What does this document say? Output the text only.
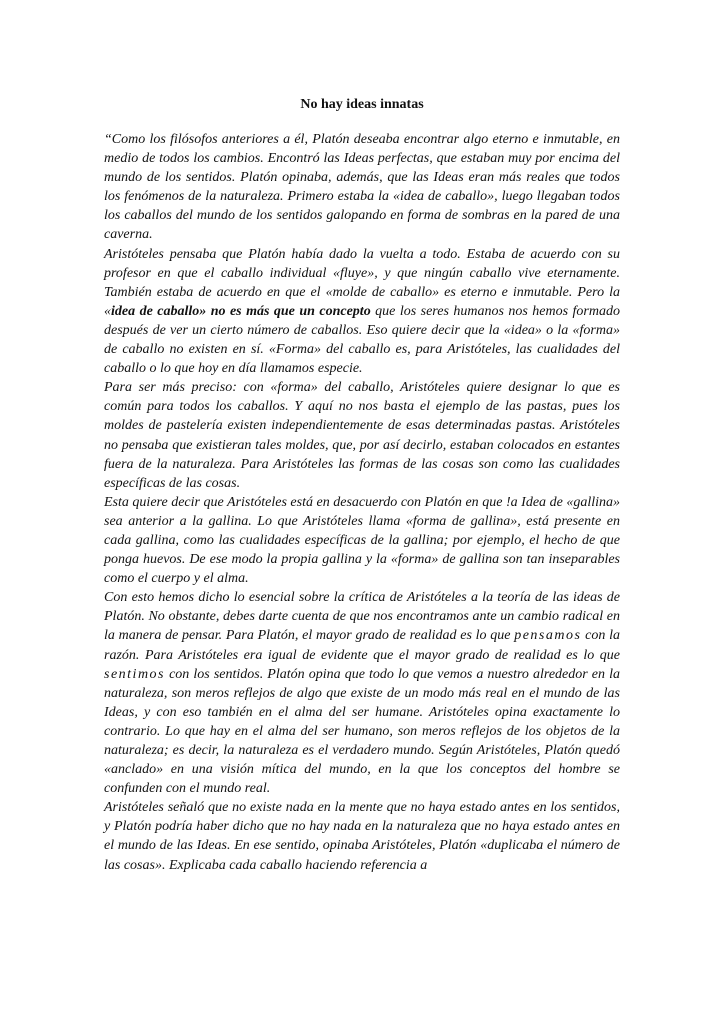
No hay ideas innatas

“Como los filósofos anteriores a él, Platón deseaba encontrar algo eterno e inmutable, en medio de todos los cambios. Encontró las Ideas perfectas, que estaban muy por encima del mundo de los sentidos. Platón opinaba, además, que las Ideas eran más reales que todos los fenómenos de la naturaleza. Primero estaba la «idea de caballo», luego llegaban todos los caballos del mundo de los sentidos galopando en forma de sombras en la pared de una caverna.

Aristóteles pensaba que Platón había dado la vuelta a todo. Estaba de acuerdo con su profesor en que el caballo individual «fluye», y que ningún caballo vive eternamente. También estaba de acuerdo en que el «molde de caballo» es eterno e inmutable. Pero la «idea de caballo» no es más que un concepto que los seres humanos nos hemos formado después de ver un cierto número de caballos. Eso quiere decir que la «idea» o la «forma» de caballo no existen en sí. «Forma» del caballo es, para Aristóteles, las cualidades del caballo o lo que hoy en día llamamos especie.

Para ser más preciso: con «forma» del caballo, Aristóteles quiere designar lo que es común para todos los caballos. Y aquí no nos basta el ejemplo de las pastas, pues los moldes de pastelería existen independientemente de esas determinadas pastas. Aristóteles no pensaba que existieran tales moldes, que, por así decirlo, estaban colocados en estantes fuera de la naturaleza. Para Aristóteles las formas de las cosas son como las cualidades específicas de las cosas.

Esta quiere decir que Aristóteles está en desacuerdo con Platón en que !a Idea de «gallina» sea anterior a la gallina. Lo que Aristóteles llama «forma de gallina», está presente en cada gallina, como las cualidades específicas de la gallina; por ejemplo, el hecho de que ponga huevos. De ese modo la propia gallina y la «forma» de gallina son tan inseparables como el cuerpo y el alma.

Con esto hemos dicho lo esencial sobre la crítica de Aristóteles a la teoría de las ideas de Platón. No obstante, debes darte cuenta de que nos encontramos ante un cambio radical en la manera de pensar. Para Platón, el mayor grado de realidad es lo que pensamos con la razón. Para Aristóteles era igual de evidente que el mayor grado de realidad es lo que sentimos con los sentidos. Platón opina que todo lo que vemos a nuestro alrededor en la naturaleza, son meros reflejos de algo que existe de un modo más real en el mundo de las Ideas, y con eso también en el alma del ser humane. Aristóteles opina exactamente lo contrario. Lo que hay en el alma del ser humano, son meros reflejos de los objetos de la naturaleza; es decir, la naturaleza es el verdadero mundo. Según Aristóteles, Platón quedó «anclado» en una visión mítica del mundo, en la que los conceptos del hombre se confunden con el mundo real.

Aristóteles señaló que no existe nada en la mente que no haya estado antes en los sentidos, y Platón podría haber dicho que no hay nada en la naturaleza que no haya estado antes en el mundo de las Ideas. En ese sentido, opinaba Aristóteles, Platón «duplicaba el número de las cosas». Explicaba cada caballo haciendo referencia a
